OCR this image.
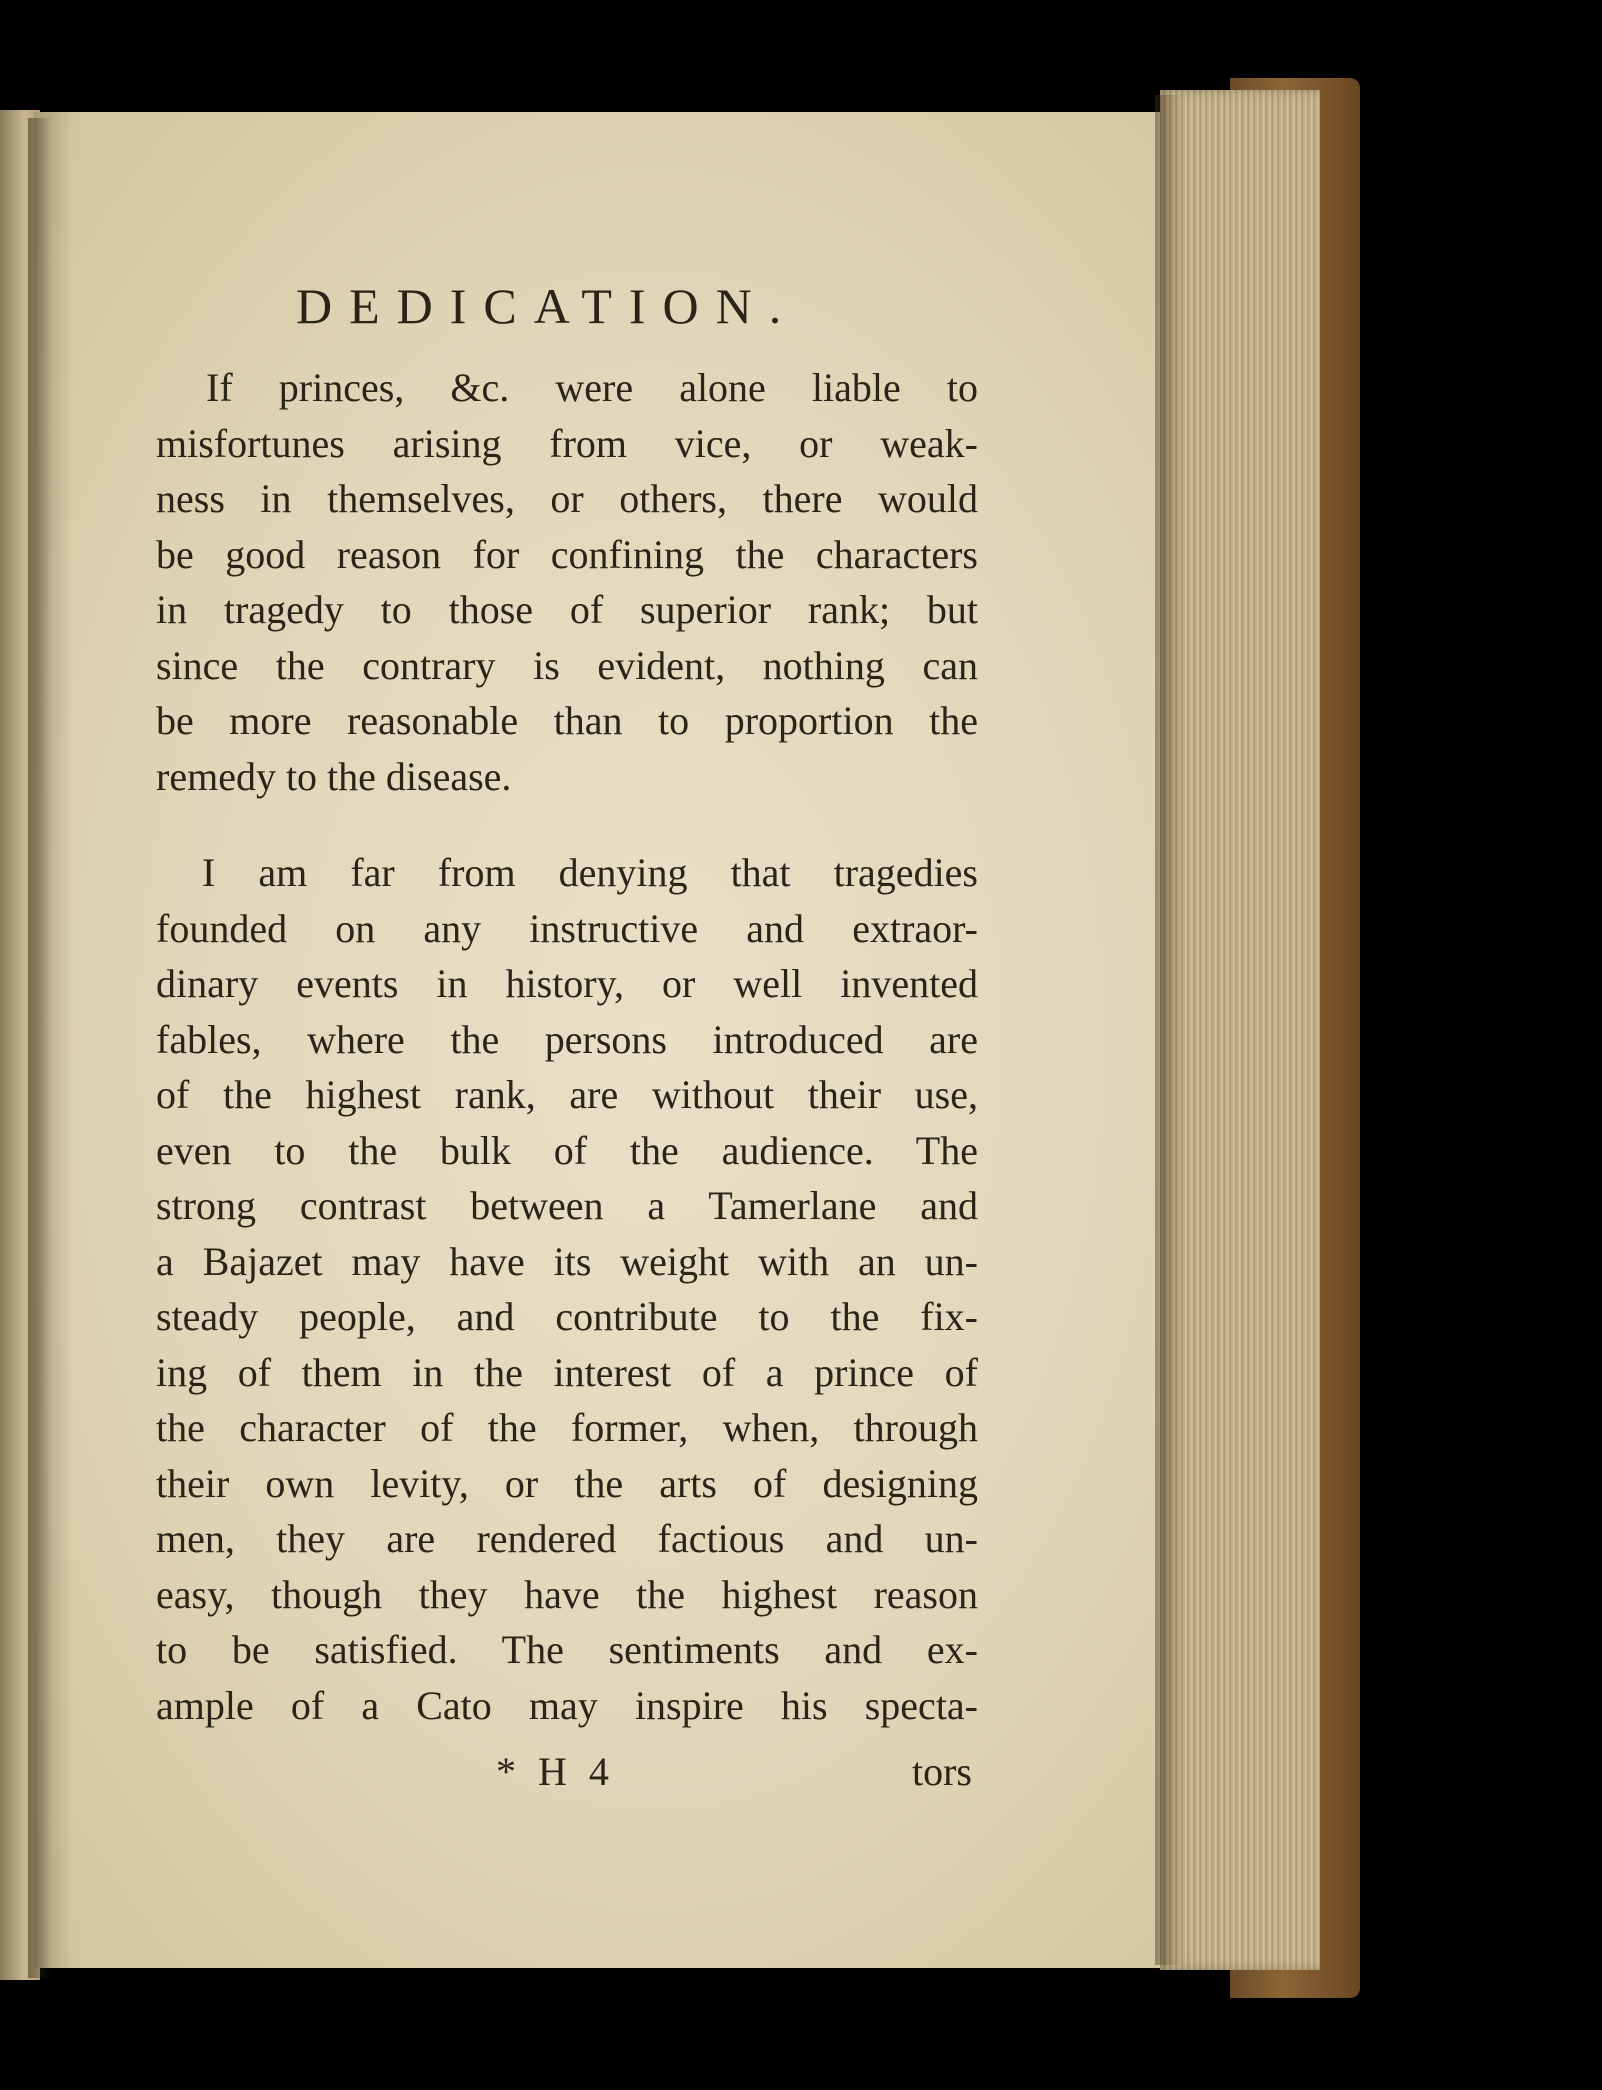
DEDICATION.
If princes, &c. were alone liable to
misfortunes arising from vice, or weak-
ness in themselves, or others, there would
be good reason for confining the characters
in tragedy to those of superior rank; but
since the contrary is evident, nothing can
be more reasonable than to proportion the
remedy to the disease.
I am far from denying that tragedies
founded on any instructive and extraor-
dinary events in history, or well invented
fables, where the persons introduced are
of the highest rank, are without their use,
even to the bulk of the audience. The
strong contrast between a Tamerlane and
a Bajazet may have its weight with an un-
steady people, and contribute to the fix-
ing of them in the interest of a prince of
the character of the former, when, through
their own levity, or the arts of designing
men, they are rendered factious and un-
easy, though they have the highest reason
to be satisfied. The sentiments and ex-
ample of a Cato may inspire his specta-
* H 4	tors
